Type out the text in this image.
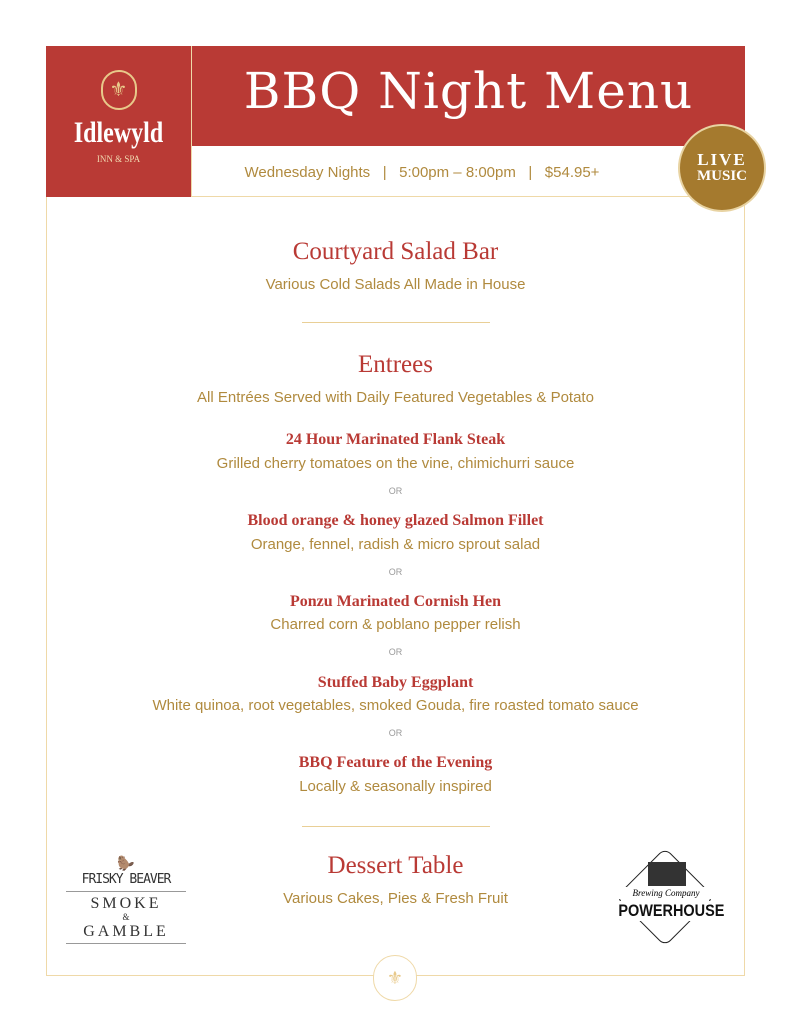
⚜
Idlewyld
INN & SPA
BBQ Night Menu
Wednesday Nights | 5:00pm – 8:00pm | $54.95+
LIVE
MUSIC
Courtyard Salad Bar
Various Cold Salads All Made in House
Entrees
All Entrées Served with Daily Featured Vegetables & Potato
24 Hour Marinated Flank Steak
Grilled cherry tomatoes on the vine, chimichurri sauce
OR
Blood orange & honey glazed Salmon Fillet
Orange, fennel, radish & micro sprout salad
OR
Ponzu Marinated Cornish Hen
Charred corn & poblano pepper relish
OR
Stuffed Baby Eggplant
White quinoa, root vegetables, smoked Gouda, fire roasted tomato sauce
OR
BBQ Feature of the Evening
Locally & seasonally inspired
Dessert Table
Various Cakes, Pies & Fresh Fruit
🦫
FRISKY BEAVER
SMOKE
&
GAMBLE
Brewing Company
POWERHOUSE
⚜
